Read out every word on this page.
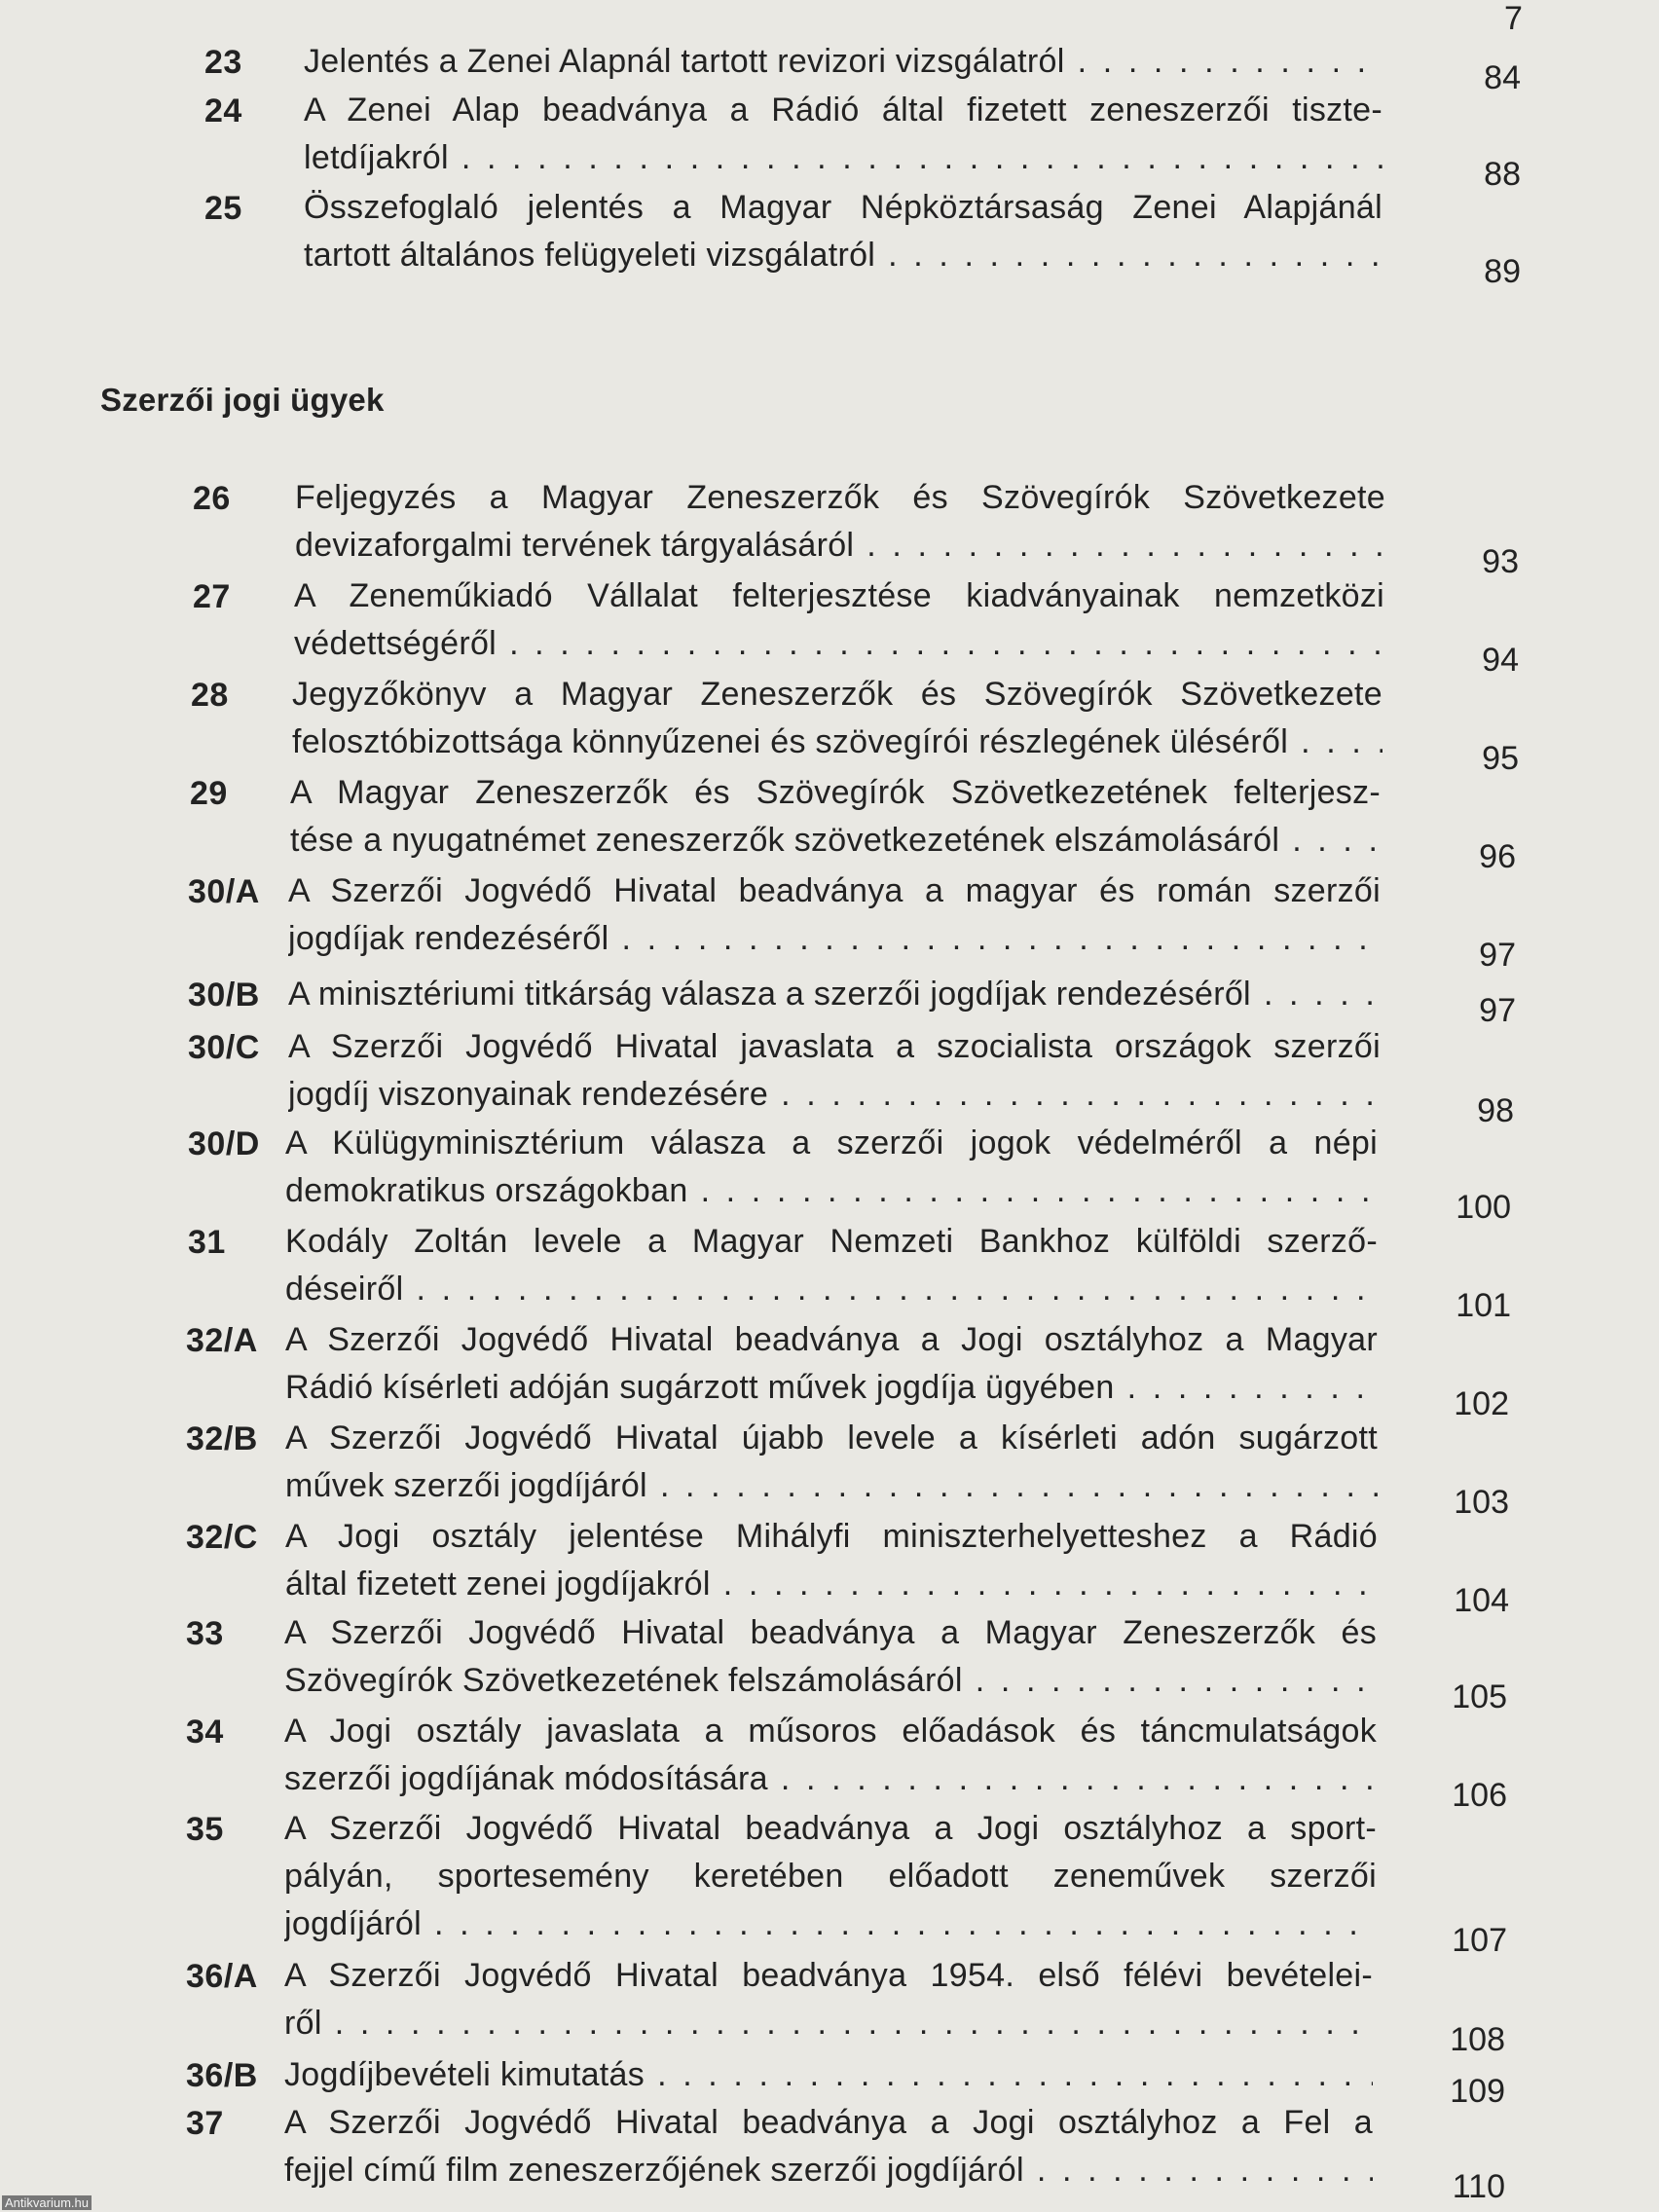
7
Szerzői jogi ügyek
23 Jelentés a Zenei Alapnál tartott revizori vizsgálatról . . .	84
24 A Zenei Alap beadványa a Rádió által fizetett zeneszerzői tiszte-
letdíjakról . . .	88
25 Összefoglaló jelentés a Magyar Népköztársaság Zenei Alapjánál
tartott általános felügyeleti vizsgálatról . . .	89
26 Feljegyzés a Magyar Zeneszerzők és Szövegírók Szövetkezete
devizaforgalmi tervének tárgyalásáról . . .	93
27 A Zeneműkiadó Vállalat felterjesztése kiadványainak nemzetközi
védettségéről . . .	94
28 Jegyzőkönyv a Magyar Zeneszerzők és Szövegírók Szövetkezete
felosztóbizottsága könnyűzenei és szövegírói részlegének üléséről . . .	95
29 A Magyar Zeneszerzők és Szövegírók Szövetkezetének felterjesz-
tése a nyugatnémet zeneszerzők szövetkezetének elszámolásáról . . .	96
30/A A Szerzői Jogvédő Hivatal beadványa a magyar és román szerzői
jogdíjak rendezéséről . . .	97
30/B A minisztériumi titkárság válasza a szerzői jogdíjak rendezéséről . . .	97
30/C A Szerzői Jogvédő Hivatal javaslata a szocialista országok szerzői
jogdíj viszonyainak rendezésére . . .	98
30/D A Külügyminisztérium válasza a szerzői jogok védelméről a népi
demokratikus országokban . . .	100
31 Kodály Zoltán levele a Magyar Nemzeti Bankhoz külföldi szerző-
déseiről . . .	101
32/A A Szerzői Jogvédő Hivatal beadványa a Jogi osztályhoz a Magyar
Rádió kísérleti adóján sugárzott művek jogdíja ügyében . . .	102
32/B A Szerzői Jogvédő Hivatal újabb levele a kísérleti adón sugárzott
művek szerzői jogdíjáról . . .	103
32/C A Jogi osztály jelentése Mihályfi miniszterhelyetteshez a Rádió
által fizetett zenei jogdíjakról . . .	104
33 A Szerzői Jogvédő Hivatal beadványa a Magyar Zeneszerzők és
Szövegírók Szövetkezetének felszámolásáról . . .	105
34 A Jogi osztály javaslata a műsoros előadások és táncmulatságok
szerzői jogdíjának módosítására . . .	106
35 A Szerzői Jogvédő Hivatal beadványa a Jogi osztályhoz a sport-
pályán, sportesemény keretében előadott zeneművek szerzői
jogdíjáról . . .	107
36/A A Szerzői Jogvédő Hivatal beadványa 1954. első félévi bevételei-
ről . . .	108
36/B Jogdíjbevételi kimutatás . . .	109
37 A Szerzői Jogvédő Hivatal beadványa a Jogi osztályhoz a Fel a
fejjel című film zeneszerzőjének szerzői jogdíjáról . . .	110
Antikvarium.hu
